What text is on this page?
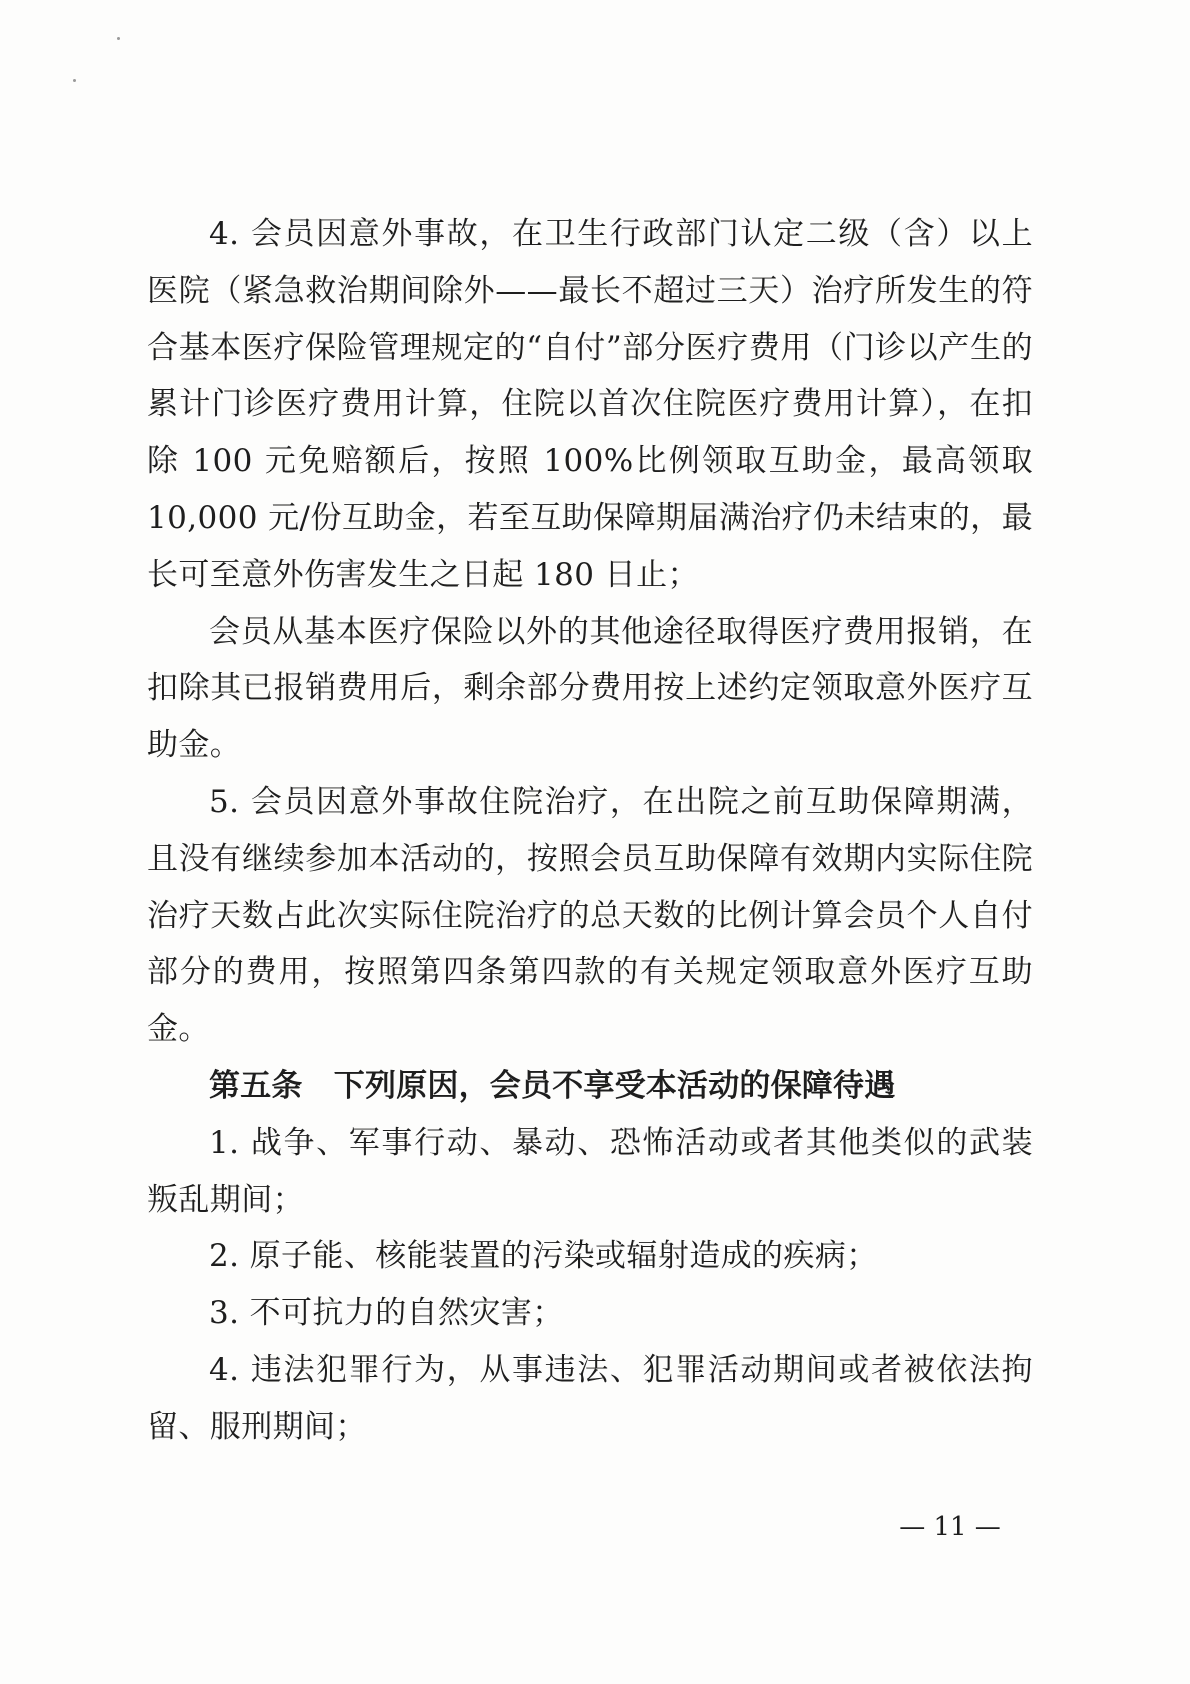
4. 会员因意外事故，在卫生行政部门认定二级（含）以上医院（紧急救治期间除外——最长不超过三天）治疗所发生的符合基本医疗保险管理规定的“自付”部分医疗费用（门诊以产生的累计门诊医疗费用计算，住院以首次住院医疗费用计算），在扣除 100 元免赔额后，按照 100%比例领取互助金，最高领取 10,000 元/份互助金，若至互助保障期届满治疗仍未结束的，最长可至意外伤害发生之日起 180 日止；

会员从基本医疗保险以外的其他途径取得医疗费用报销，在扣除其已报销费用后，剩余部分费用按上述约定领取意外医疗互助金。

5. 会员因意外事故住院治疗，在出院之前互助保障期满，且没有继续参加本活动的，按照会员互助保障有效期内实际住院治疗天数占此次实际住院治疗的总天数的比例计算会员个人自付部分的费用，按照第四条第四款的有关规定领取意外医疗互助金。

第五条　下列原因，会员不享受本活动的保障待遇

1. 战争、军事行动、暴动、恐怖活动或者其他类似的武装叛乱期间；

2. 原子能、核能装置的污染或辐射造成的疾病；

3. 不可抗力的自然灾害；

4. 违法犯罪行为，从事违法、犯罪活动期间或者被依法拘留、服刑期间；

— 11 —
